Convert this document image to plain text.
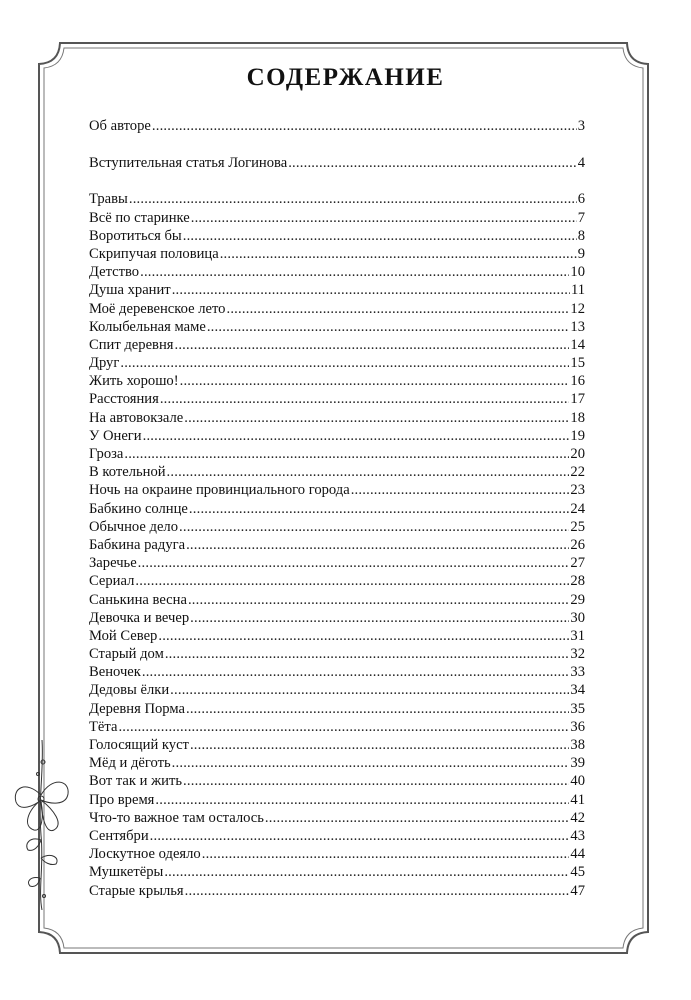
СОДЕРЖАНИЕ
Об авторе .....	3
Вступительная статья Логинова .....	4
Травы .....	6
Всё по старинке .....	7
Воротиться бы .....	8
Скрипучая половица .....	9
Детство .....	10
Душа хранит .....	11
Моё деревенское лето .....	12
Колыбельная маме .....	13
Спит деревня .....	14
Друг .....	15
Жить хорошо! .....	16
Расстояния .....	17
На автовокзале .....	18
У Онеги .....	19
Гроза .....	20
В котельной .....	22
Ночь на окраине провинциального города .....	23
Бабкино солнце .....	24
Обычное дело .....	25
Бабкина радуга .....	26
Заречье .....	27
Сериал .....	28
Санькина весна .....	29
Девочка и вечер .....	30
Мой Север .....	31
Старый дом .....	32
Веночек .....	33
Дедовы ёлки .....	34
Деревня Порма .....	35
Тёта .....	36
Голосящий куст .....	38
Мёд и дёготь .....	39
Вот так и жить .....	40
Про время .....	41
Что-то важное там осталось .....	42
Сентябри .....	43
Лоскутное одеяло .....	44
Мушкетёры .....	45
Старые крылья .....	47
